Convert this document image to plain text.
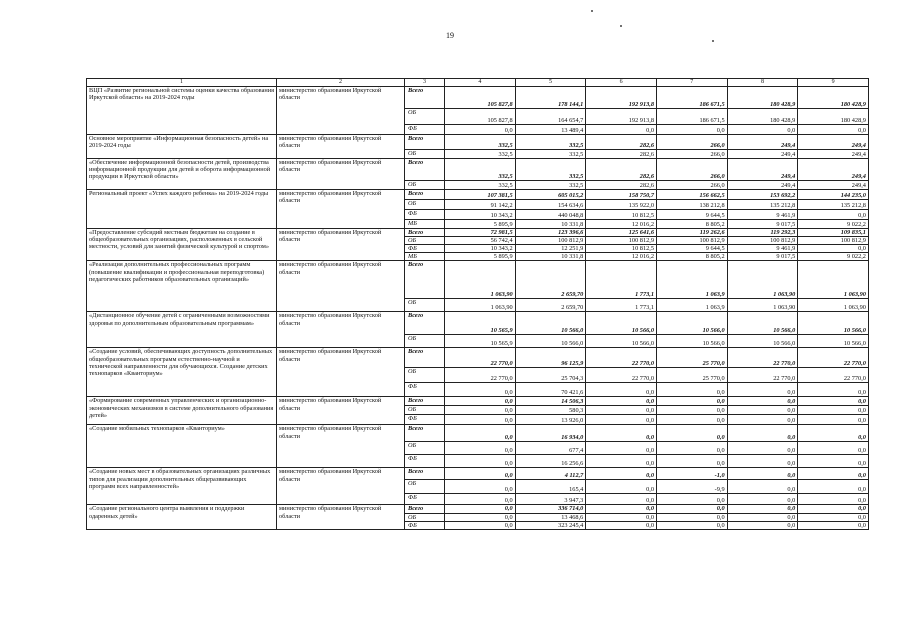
19
1	2	3	4	5	6	7	8	9
ВЦП «Развитие региональной системы оценки качества образования Иркутской области» на 2019-2024 годы	министерство образования Иркутской области	Всего	105 827,8	178 144,1	192 913,8	186 671,5	180 428,9	180 428,9
		ОБ	105 827,8	164 654,7	192 913,8	186 671,5	180 428,9	180 428,9
		ФБ	0,0	13 489,4	0,0	0,0	0,0	0,0
Основное мероприятие «Информационная безопасность детей» на 2019-2024 годы	министерство образования Иркутской области	Всего	332,5	332,5	282,6	266,0	249,4	249,4
		ОБ	332,5	332,5	282,6	266,0	249,4	249,4
«Обеспечение информационной безопасности детей, производства информационной продукции для детей и оборота информационной продукции в Иркутской области»	министерство образования Иркутской области	Всего	332,5	332,5	282,6	266,0	249,4	249,4
		ОБ	332,5	332,5	282,6	266,0	249,4	249,4
Региональный проект «Успех каждого ребенка» на 2019-2024 годы	министерство образования Иркутской области	Всего	107 381,5	605 015,2	158 750,7	156 662,5	153 692,2	144 235,0
		ОБ	91 142,2	154 634,6	135 922,0	138 212,8	135 212,8	135 212,8
		ФБ	10 343,2	440 048,8	10 812,5	9 644,5	9 461,9	0,0
		МБ	5 895,9	10 331,8	12 016,2	8 805,2	9 017,5	9 022,2
«Предоставление субсидий местным бюджетам на создание в общеобразовательных организациях, расположенных в сельской местности, условий для занятий физической культурой и спортом»	министерство образования Иркутской области	Всего	72 981,5	123 396,6	125 641,6	119 262,6	119 292,3	109 835,1
		ОБ	56 742,4	100 812,9	100 812,9	100 812,9	100 812,9	100 812,9
		ФБ	10 343,2	12 251,9	10 812,5	9 644,5	9 461,9	0,0
		МБ	5 895,9	10 331,8	12 016,2	8 805,2	9 017,5	9 022,2
«Реализация дополнительных профессиональных программ (повышение квалификации и профессиональная переподготовка) педагогических работников образовательных организаций»	министерство образования Иркутской области	Всего	1 063,90	2 659,70	1 773,1	1 063,9	1 063,90	1 063,90
		ОБ	1 063,90	2 659,70	1 773,1	1 063,9	1 063,90	1 063,90
«Дистанционное обучение детей с ограниченными возможностями здоровья по дополнительным образовательным программам»	министерство образования Иркутской области	Всего	10 565,9	10 566,0	10 566,0	10 566,0	10 566,0	10 566,0
		ОБ	10 565,9	10 566,0	10 566,0	10 566,0	10 566,0	10 566,0
«Создание условий, обеспечивающих доступность дополнительных общеобразовательных программ естественно-научной и технической направленности для обучающихся. Создание детских технопарков «Кванториум»	министерство образования Иркутской области	Всего	22 770,0	96 125,9	22 770,0	25 770,0	22 770,0	22 770,0
		ОБ	22 770,0	25 704,3	22 770,0	25 770,0	22 770,0	22 770,0
		ФБ	0,0	70 421,6	0,0	0,0	0,0	0,0
«Формирование современных управленческих и организационно-экономических механизмов в системе дополнительного образования детей»	министерство образования Иркутской области	Всего	0,0	14 506,3	0,0	0,0	0,0	0,0
		ОБ	0,0	580,3	0,0	0,0	0,0	0,0
		ФБ	0,0	13 926,0	0,0	0,0	0,0	0,0
«Создание мобильных технопарков «Кванториум»	министерство образования Иркутской области	Всего	0,0	16 934,0	0,0	0,0	0,0	0,0
		ОБ	0,0	677,4	0,0	0,0	0,0	0,0
		ФБ	0,0	16 256,6	0,0	0,0	0,0	0,0
«Создание новых мест в образовательных организациях различных типов для реализации дополнительных общеразвивающих программ всех направленностей»	министерство образования Иркутской области	Всего	0,0	4 112,7	0,0	-1,0	0,0	0,0
		ОБ	0,0	165,4	0,0	-9,9	0,0	0,0
		ФБ	0,0	3 947,3	0,0	0,0	0,0	0,0
«Создание регионального центра выявления и поддержки одаренных детей»	министерство образования Иркутской области	Всего	0,0	336 714,0	0,0	0,0	0,0	0,0
		ОБ	0,0	13 468,6	0,0	0,0	0,0	0,0
		ФБ	0,0	323 245,4	0,0	0,0	0,0	0,0
